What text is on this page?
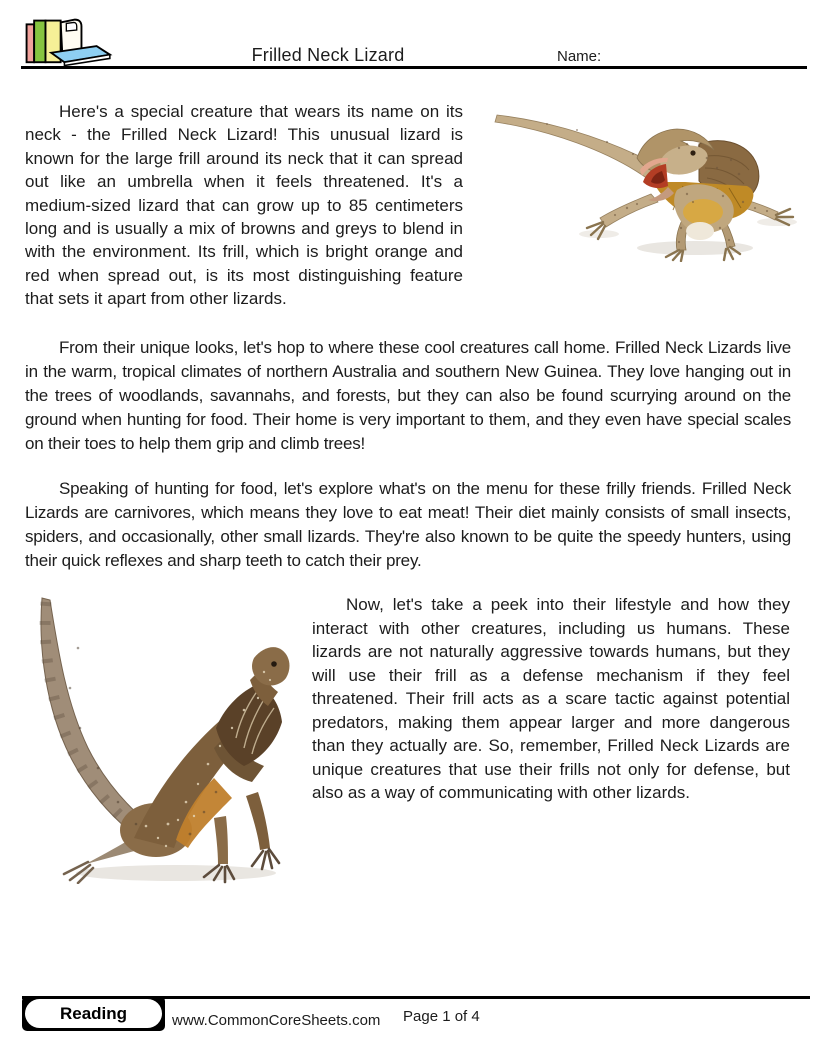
Frilled Neck Lizard	Name:

Here's a special creature that wears its name on its neck - the Frilled Neck Lizard! This unusual lizard is known for the large frill around its neck that it can spread out like an umbrella when it feels threatened. It's a medium-sized lizard that can grow up to 85 centimeters long and is usually a mix of browns and greys to blend in with the environment. Its frill, which is bright orange and red when spread out, is its most distinguishing feature that sets it apart from other lizards.

From their unique looks, let's hop to where these cool creatures call home. Frilled Neck Lizards live in the warm, tropical climates of northern Australia and southern New Guinea. They love hanging out in the trees of woodlands, savannahs, and forests, but they can also be found scurrying around on the ground when hunting for food. Their home is very important to them, and they even have special scales on their toes to help them grip and climb trees!

Speaking of hunting for food, let's explore what's on the menu for these frilly friends. Frilled Neck Lizards are carnivores, which means they love to eat meat! Their diet mainly consists of small insects, spiders, and occasionally, other small lizards. They're also known to be quite the speedy hunters, using their quick reflexes and sharp teeth to catch their prey.

Now, let's take a peek into their lifestyle and how they interact with other creatures, including us humans. These lizards are not naturally aggressive towards humans, but they will use their frill as a defense mechanism if they feel threatened. Their frill acts as a scare tactic against potential predators, making them appear larger and more dangerous than they actually are. So, remember, Frilled Neck Lizards are unique creatures that use their frills not only for defense, but also as a way of communicating with other lizards.

Reading	www.CommonCoreSheets.com Page 1 of 4
